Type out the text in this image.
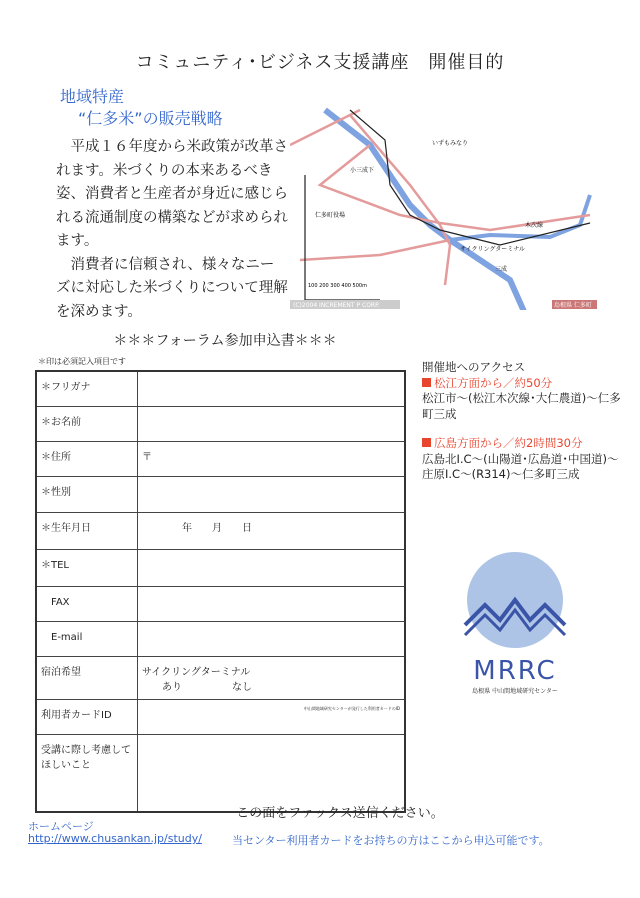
コミュニティ･ビジネス支援講座　開催目的
地域特産
“仁多米”の販売戦略

平成１６年度から米政策が改革されます。米づくりの本来あるべき姿、消費者と生産者が身近に感じられる流通制度の構築などが求められます。

消費者に信頼され、様々なニーズに対応した米づくりについて理解を深めます。

小三成下
仁多町役場
いずもみなり
木次線
サイクリングターミナル
三成
100 200 300 400 500m
(C)2004 INCREMENT P CORP.	島根県 仁多町
＊＊＊フォーラム参加申込書＊＊＊
＊印は必須記入項目です
＊フリガナ	
＊お名前	
＊住所	〒
＊性別	
＊生年月日	　　　　年　　月　　日
＊TEL	
　FAX	
　E-mail	
宿泊希望	サイクリングターミナル
　　あり　　　　　なし

利用者カードID	中山間地域研究センターが発行した利用者カードのID

受講に際し考慮してほしいこと	
開催地へのアクセス
松江方面から／約50分
松江市～(松江木次線･大仁農道)～仁多町三成
広島方面から／約2時間30分
広島北I.C～(山陽道･広島道･中国道)～庄原I.C～(R314)～仁多町三成
MRRC
島根県 中山間地域研究センター
この面をファックス送信ください。
ホームページ
http://www.chusankan.jp/study/	当センター利用者カードをお持ちの方はここから申込可能です。
